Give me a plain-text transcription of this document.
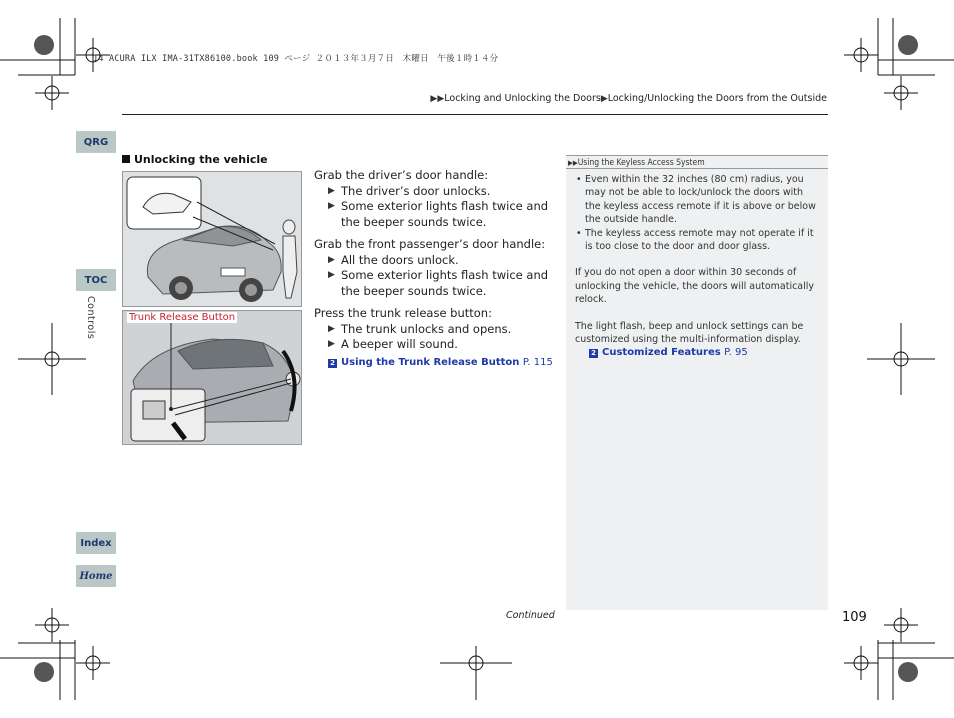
14 ACURA ILX IMA-31TX86100.book 109 ページ ２０１３年３月７日　木曜日　午後１時１４分
▶▶Locking and Unlocking the Doors▶Locking/Unlocking the Doors from the Outside
QRG
TOC
Controls
Index
Home
Unlocking the vehicle
Trunk Release Button
Grab the driver’s door handle:
▶ The driver’s door unlocks.
▶ Some exterior lights flash twice and the beeper sounds twice.
Grab the front passenger’s door handle:
▶ All the doors unlock.
▶ Some exterior lights flash twice and the beeper sounds twice.
Press the trunk release button:
▶ The trunk unlocks and opens.
▶ A beeper will sound.
2 Using the Trunk Release Button P. 115
▶▶Using the Keyless Access System
• Even within the 32 inches (80 cm) radius, you may not be able to lock/unlock the doors with the keyless access remote if it is above or below the outside handle.
• The keyless access remote may not operate if it is too close to the door and door glass.

If you do not open a door within 30 seconds of unlocking the vehicle, the doors will automatically relock.

The light flash, beep and unlock settings can be customized using the multi-information display.

2 Customized Features P. 95
Continued	109
